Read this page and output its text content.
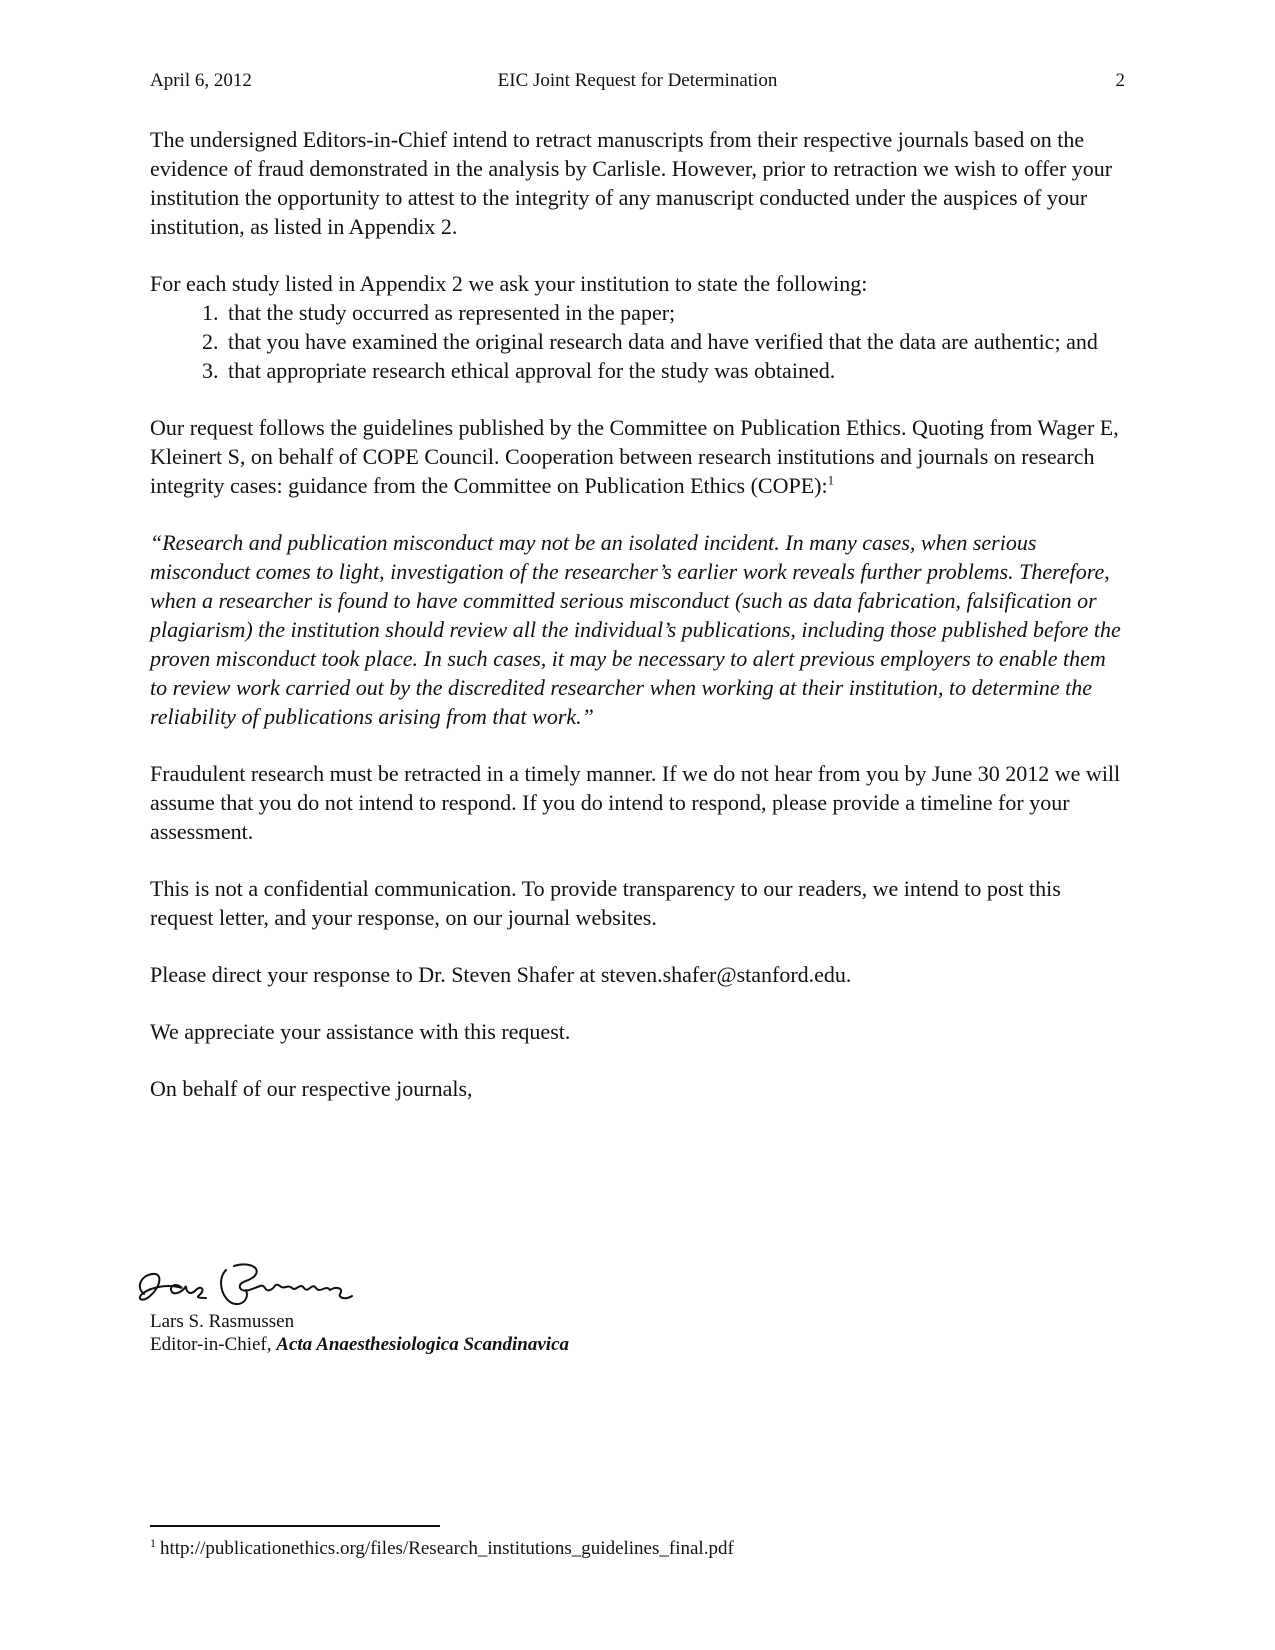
April 6, 2012	EIC Joint Request for Determination	2

The undersigned Editors-in-Chief intend to retract manuscripts from their respective journals based on the evidence of fraud demonstrated in the analysis by Carlisle. However, prior to retraction we wish to offer your institution the opportunity to attest to the integrity of any manuscript conducted under the auspices of your institution, as listed in Appendix 2.

For each study listed in Appendix 2 we ask your institution to state the following:

1. that the study occurred as represented in the paper;
2. that you have examined the original research data and have verified that the data are authentic; and
3. that appropriate research ethical approval for the study was obtained.

Our request follows the guidelines published by the Committee on Publication Ethics. Quoting from Wager E, Kleinert S, on behalf of COPE Council. Cooperation between research institutions and journals on research integrity cases: guidance from the Committee on Publication Ethics (COPE):$^1$

“Research and publication misconduct may not be an isolated incident. In many cases, when serious misconduct comes to light, investigation of the researcher’s earlier work reveals further problems. Therefore, when a researcher is found to have committed serious misconduct (such as data fabrication, falsification or plagiarism) the institution should review all the individual’s publications, including those published before the proven misconduct took place. In such cases, it may be necessary to alert previous employers to enable them to review work carried out by the discredited researcher when working at their institution, to determine the reliability of publications arising from that work.”

Fraudulent research must be retracted in a timely manner. If we do not hear from you by June 30 2012 we will assume that you do not intend to respond. If you do intend to respond, please provide a timeline for your assessment.

This is not a confidential communication. To provide transparency to our readers, we intend to post this request letter, and your response, on our journal websites.

Please direct your response to Dr. Steven Shafer at steven.shafer@stanford.edu.

We appreciate your assistance with this request.

On behalf of our respective journals,

Lars S. Rasmussen
Editor-in-Chief, Acta Anaesthesiologica Scandinavica
$^1$ http://publicationethics.org/files/Research_institutions_guidelines_final.pdf
